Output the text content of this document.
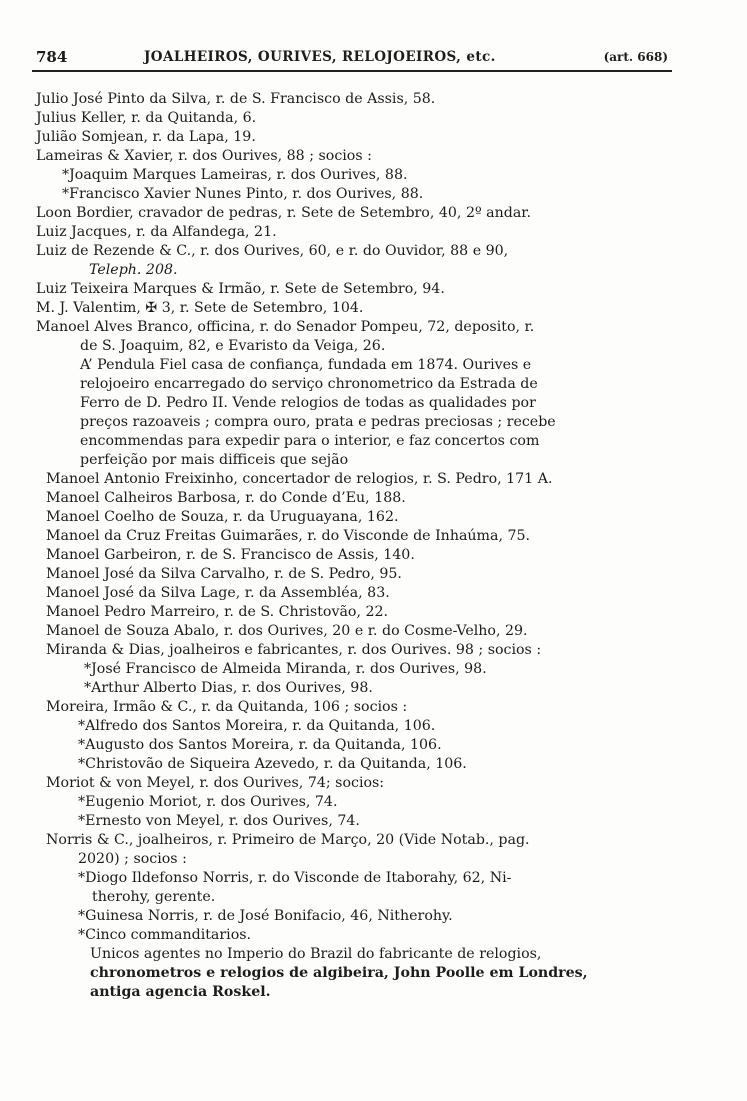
784	JOALHEIROS, OURIVES, RELOJOEIROS, etc.	(art. 668)
Julio José Pinto da Silva, r. de S. Francisco de Assis, 58.
Julius Keller, r. da Quitanda, 6.
Julião Somjean, r. da Lapa, 19.
Lameiras & Xavier, r. dos Ourives, 88 ; socios :
*Joaquim Marques Lameiras, r. dos Ourives, 88.
*Francisco Xavier Nunes Pinto, r. dos Ourives, 88.
Loon Bordier, cravador de pedras, r. Sete de Setembro, 40, 2º andar.
Luiz Jacques, r. da Alfandega, 21.
Luiz de Rezende & C., r. dos Ourives, 60, e r. do Ouvidor, 88 e 90,
Teleph. 208.
Luiz Teixeira Marques & Irmão, r. Sete de Setembro, 94.
M. J. Valentim, ✠ 3, r. Sete de Setembro, 104.
Manoel Alves Branco, officina, r. do Senador Pompeu, 72, deposito, r.
de S. Joaquim, 82, e Evaristo da Veiga, 26.
A’ Pendula Fiel casa de confiança, fundada em 1874. Ourives e
relojoeiro encarregado do serviço chronometrico da Estrada de
Ferro de D. Pedro II. Vende relogios de todas as qualidades por
preços razoaveis ; compra ouro, prata e pedras preciosas ; recebe
encommendas para expedir para o interior, e faz concertos com
perfeição por mais difficeis que sejão
Manoel Antonio Freixinho, concertador de relogios, r. S. Pedro, 171 A.
Manoel Calheiros Barbosa, r. do Conde d’Eu, 188.
Manoel Coelho de Souza, r. da Uruguayana, 162.
Manoel da Cruz Freitas Guimarães, r. do Visconde de Inhaúma, 75.
Manoel Garbeiron, r. de S. Francisco de Assis, 140.
Manoel José da Silva Carvalho, r. de S. Pedro, 95.
Manoel José da Silva Lage, r. da Assembléa, 83.
Manoel Pedro Marreiro, r. de S. Christovão, 22.
Manoel de Souza Abalo, r. dos Ourives, 20 e r. do Cosme-Velho, 29.
Miranda & Dias, joalheiros e fabricantes, r. dos Ourives. 98 ; socios :
*José Francisco de Almeida Miranda, r. dos Ourives, 98.
*Arthur Alberto Dias, r. dos Ourives, 98.
Moreira, Irmão & C., r. da Quitanda, 106 ; socios :
*Alfredo dos Santos Moreira, r. da Quitanda, 106.
*Augusto dos Santos Moreira, r. da Quitanda, 106.
*Christovão de Siqueira Azevedo, r. da Quitanda, 106.
Moriot & von Meyel, r. dos Ourives, 74; socios:
*Eugenio Moriot, r. dos Ourives, 74.
*Ernesto von Meyel, r. dos Ourives, 74.
Norris & C., joalheiros, r. Primeiro de Março, 20 (Vide Notab., pag.
2020) ; socios :
*Diogo Ildefonso Norris, r. do Visconde de Itaborahy, 62, Ni-
therohy, gerente.
*Guinesa Norris, r. de José Bonifacio, 46, Nitherohy.
*Cinco commanditarios.
Unicos agentes no Imperio do Brazil do fabricante de relogios,
chronometros e relogios de algibeira, John Poolle em Londres,
antiga agencia Roskel.
